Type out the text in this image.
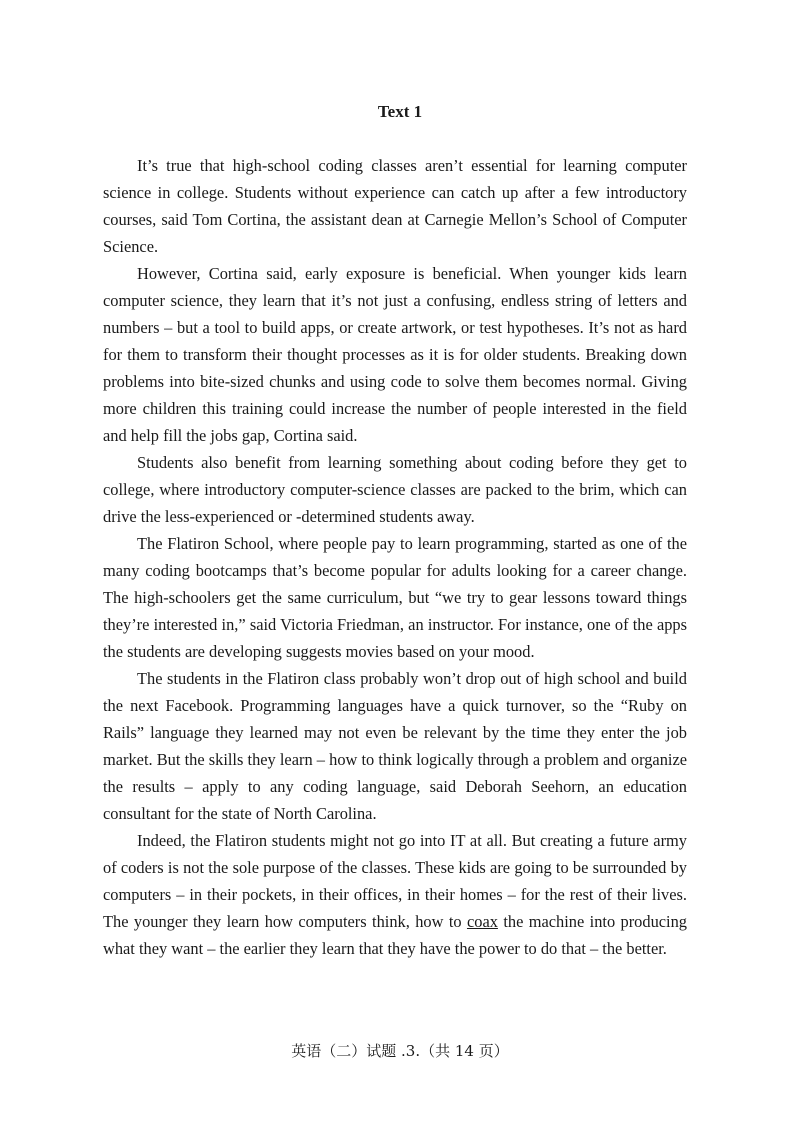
Text 1

It’s true that high-school coding classes aren’t essential for learning computer science in college. Students without experience can catch up after a few introductory courses, said Tom Cortina, the assistant dean at Carnegie Mellon’s School of Computer Science.

However, Cortina said, early exposure is beneficial. When younger kids learn computer science, they learn that it’s not just a confusing, endless string of letters and numbers – but a tool to build apps, or create artwork, or test hypotheses. It’s not as hard for them to transform their thought processes as it is for older students. Breaking down problems into bite-sized chunks and using code to solve them becomes normal. Giving more children this training could increase the number of people interested in the field and help fill the jobs gap, Cortina said.

Students also benefit from learning something about coding before they get to college, where introductory computer-science classes are packed to the brim, which can drive the less-experienced or -determined students away.

The Flatiron School, where people pay to learn programming, started as one of the many coding bootcamps that’s become popular for adults looking for a career change. The high-schoolers get the same curriculum, but “we try to gear lessons toward things they’re interested in,” said Victoria Friedman, an instructor. For instance, one of the apps the students are developing suggests movies based on your mood.

The students in the Flatiron class probably won’t drop out of high school and build the next Facebook. Programming languages have a quick turnover, so the “Ruby on Rails” language they learned may not even be relevant by the time they enter the job market. But the skills they learn – how to think logically through a problem and organize the results – apply to any coding language, said Deborah Seehorn, an education consultant for the state of North Carolina.

Indeed, the Flatiron students might not go into IT at all. But creating a future army of coders is not the sole purpose of the classes. These kids are going to be surrounded by computers – in their pockets, in their offices, in their homes – for the rest of their lives. The younger they learn how computers think, how to coax the machine into producing what they want – the earlier they learn that they have the power to do that – the better.

英语（二）试题 .3.（共 14 页）
